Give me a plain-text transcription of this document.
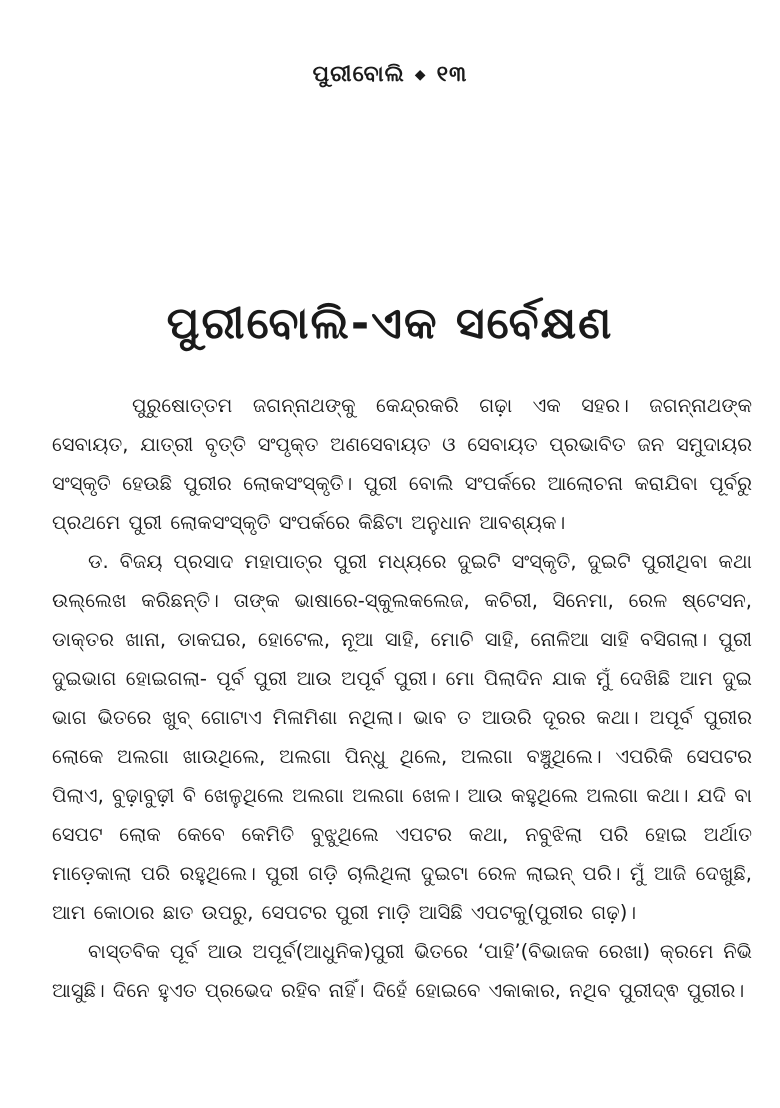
ପୁରୀବୋଲି ◆ ୧୩
ପୁରୀବୋଲି-ଏକ ସର୍ବେକ୍ଷଣ

ପୁରୁଷୋତ୍ତମ ଜଗନ୍ନାଥଙ୍କୁ କେନ୍ଦ୍ରକରି ଗଢ଼ା ଏକ ସହର। ଜଗନ୍ନାଥଙ୍କ ସେବାୟତ, ଯାତ୍ରୀ ବୃତ୍ତି ସଂପୃକ୍ତ ଅଣସେବାୟତ ଓ ସେବାୟତ ପ୍ରଭାବିତ ଜନ ସମୁଦାୟର ସଂସ୍କୃତି ହେଉଛି ପୁରୀର ଲୋକସଂସ୍କୃତି। ପୁରୀ ବୋଲି ସଂପର୍କରେ ଆଲୋଚନା କରାଯିବା ପୂର୍ବରୁ ପ୍ରଥମେ ପୁରୀ ଲୋକସଂସ୍କୃତି ସଂପର୍କରେ କିଛିଟା ଅନୁଧାନ ଆବଶ୍ୟକ।

ଡ. ବିଜୟ ପ୍ରସାଦ ମହାପାତ୍ର ପୁରୀ ମଧ୍ୟରେ ଦୁଇଟି ସଂସ୍କୃତି, ଦୁଇଟି ପୁରୀଥିବା କଥା ଉଲ୍ଲେଖ କରିଛନ୍ତି। ତାଙ୍କ ଭାଷାରେ-ସ୍କୁଲକଲେଜ, କଚିରୀ, ସିନେମା, ରେଳ ଷ୍ଟେସନ, ଡାକ୍ତର ଖାନା, ଡାକଘର, ହୋଟେଲ, ନୂଆ ସାହି, ମୋଚି ସାହି, ନୋଳିଆ ସାହି ବସିଗଲା। ପୁରୀ ଦୁଇଭାଗ ହୋଇଗଲା- ପୂର୍ବ ପୁରୀ ଆଉ ଅପୂର୍ବ ପୁରୀ। ମୋ ପିଲାଦିନ ଯାକ ମୁଁ ଦେଖିଛି ଆମ ଦୁଇ ଭାଗ ଭିତରେ ଖୁବ୍ ଗୋଟାଏ ମିଳାମିଶା ନଥିଲା। ଭାବ ତ ଆଉରି ଦୂରର କଥା। ଅପୂର୍ବ ପୁରୀର ଲୋକେ ଅଲଗା ଖାଉଥିଲେ, ଅଲଗା ପିନ୍ଧୁ ଥିଲେ, ଅଲଗା ବଞ୍ଚୁଥିଲେ। ଏପରିକି ସେପଟର ପିଲାଏ, ବୁଢ଼ାବୁଢ଼ୀ ବି ଖେଳୁଥିଲେ ଅଲଗା ଅଲଗା ଖେଳ। ଆଉ କହୁଥିଲେ ଅଲଗା କଥା। ଯଦି ବା ସେପଟ ଲୋକ କେବେ କେମିତି ବୁଝୁଥିଲେ ଏପଟର କଥା, ନବୁଝିଲା ପରି ହୋଇ ଅର୍ଥାତ ମାଡ଼େକାଲା ପରି ରହୁଥିଲେ। ପୁରୀ ଗଡ଼ି ଚାଲିଥିଲା ଦୁଇଟା ରେଳ ଲାଇନ୍ ପରି। ମୁଁ ଆଜି ଦେଖୁଛି, ଆମ କୋଠାର ଛାତ ଉପରୁ, ସେପଟର ପୁରୀ ମାଡ଼ି ଆସିଛି ଏପଟକୁ(ପୁରୀର ଗଢ଼)।

ବାସ୍ତବିକ ପୂର୍ବ ଆଉ ଅପୂର୍ବ(ଆଧୁନିକ)ପୁରୀ ଭିତରେ ‘ପାହି’(ବିଭାଜକ ରେଖା) କ୍ରମେ ନିଭି ଆସୁଛି। ଦିନେ ହୁଏତ ପ୍ରଭେଦ ରହିବ ନାହିଁ। ଦିହେଁ ହୋଇବେ ଏକାକାର, ନଥିବ ପୁରୀଦ୍ଵ ପୁରୀର।
